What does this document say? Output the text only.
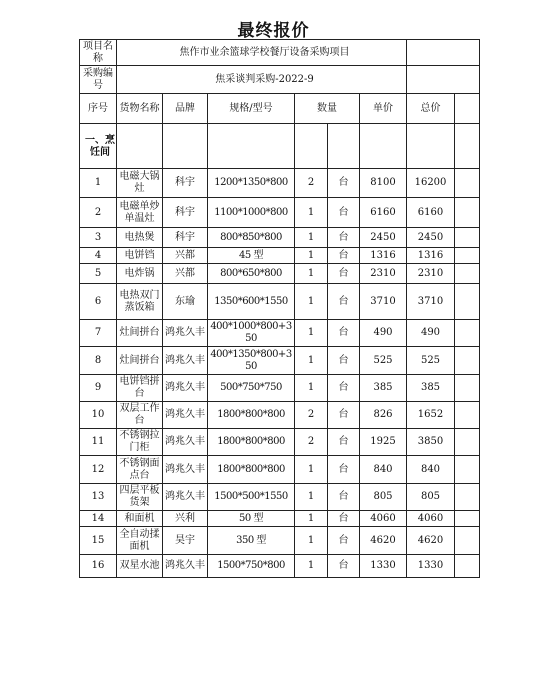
最终报价
项目名称	焦作市业余篮球学校餐厅设备采购项目							
采购编号	焦采谈判采购-2022-9							
序号	货物名称	品牌	规格/型号	数量		单价	总价	
一、烹饪间								
1	电磁大锅灶	科宇	1200*1350*800	2	台	8100	16200	
2	电磁单炒单温灶	科宇	1100*1000*800	1	台	6160	6160	
3	电热煲	科宇	800*850*800	1	台	2450	2450	
4	电饼铛	兴都	45 型	1	台	1316	1316	
5	电炸锅	兴都	800*650*800	1	台	2310	2310	
6	电热双门蒸饭箱	东瑜	1350*600*1550	1	台	3710	3710	
7	灶间拼台	鸿兆久丰	400*1000*800+350	1	台	490	490	
8	灶间拼台	鸿兆久丰	400*1350*800+350	1	台	525	525	
9	电饼铛拼台	鸿兆久丰	500*750*750	1	台	385	385	
10	双层工作台	鸿兆久丰	1800*800*800	2	台	826	1652	
11	不锈钢拉门柜	鸿兆久丰	1800*800*800	2	台	1925	3850	
12	不锈钢面点台	鸿兆久丰	1800*800*800	1	台	840	840	
13	四层平板货架	鸿兆久丰	1500*500*1550	1	台	805	805	
14	和面机	兴利	50 型	1	台	4060	4060	
15	全自动揉面机	昊宇	350 型	1	台	4620	4620	
16	双星水池	鸿兆久丰	1500*750*800	1	台	1330	1330	
